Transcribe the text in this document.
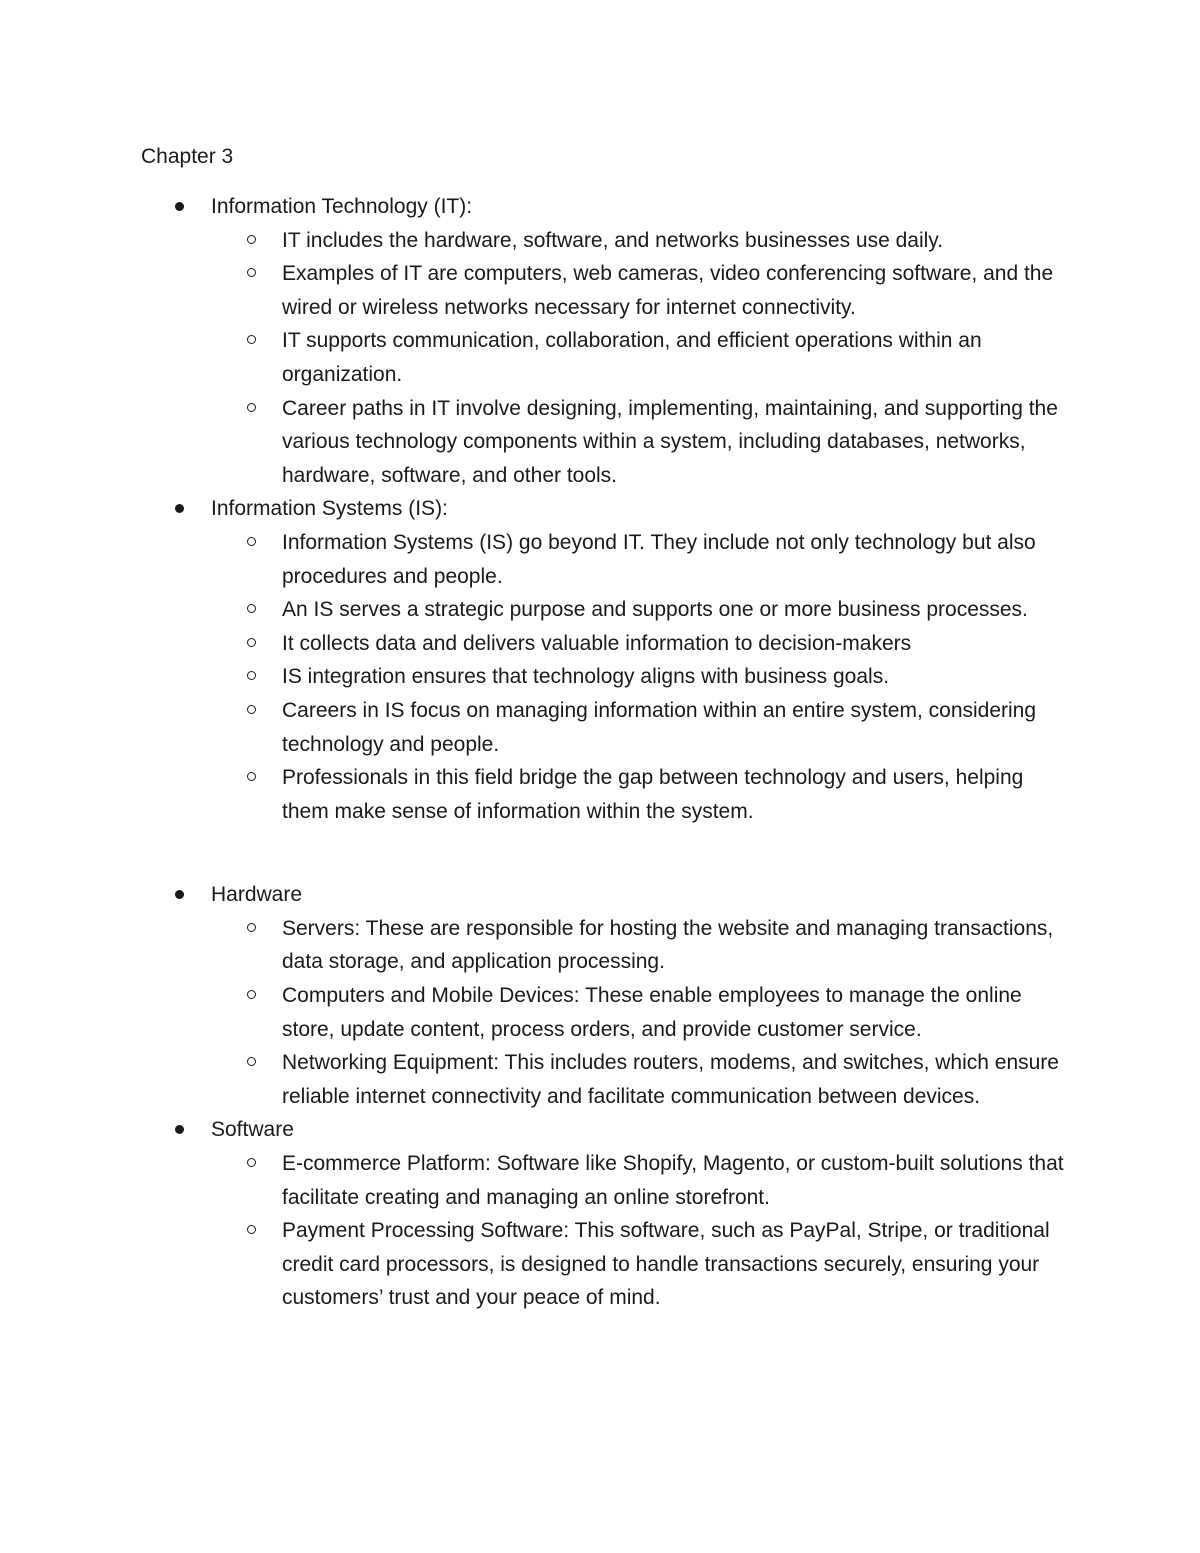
Chapter 3

Information Technology (IT):

IT includes the hardware, software, and networks businesses use daily.
Examples of IT are computers, web cameras, video conferencing software, and the wired or wireless networks necessary for internet connectivity.
IT supports communication, collaboration, and efficient operations within an organization.
Career paths in IT involve designing, implementing, maintaining, and supporting the various technology components within a system, including databases, networks, hardware, software, and other tools.

Information Systems (IS):

Information Systems (IS) go beyond IT. They include not only technology but also procedures and people.
An IS serves a strategic purpose and supports one or more business processes.
It collects data and delivers valuable information to decision-makers
IS integration ensures that technology aligns with business goals.
Careers in IS focus on managing information within an entire system, considering technology and people.
Professionals in this field bridge the gap between technology and users, helping them make sense of information within the system.

Hardware

Servers: These are responsible for hosting the website and managing transactions, data storage, and application processing.
Computers and Mobile Devices: These enable employees to manage the online store, update content, process orders, and provide customer service.
Networking Equipment: This includes routers, modems, and switches, which ensure reliable internet connectivity and facilitate communication between devices.

Software

E-commerce Platform: Software like Shopify, Magento, or custom-built solutions that facilitate creating and managing an online storefront.
Payment Processing Software: This software, such as PayPal, Stripe, or traditional credit card processors, is designed to handle transactions securely, ensuring your customers’ trust and your peace of mind.
